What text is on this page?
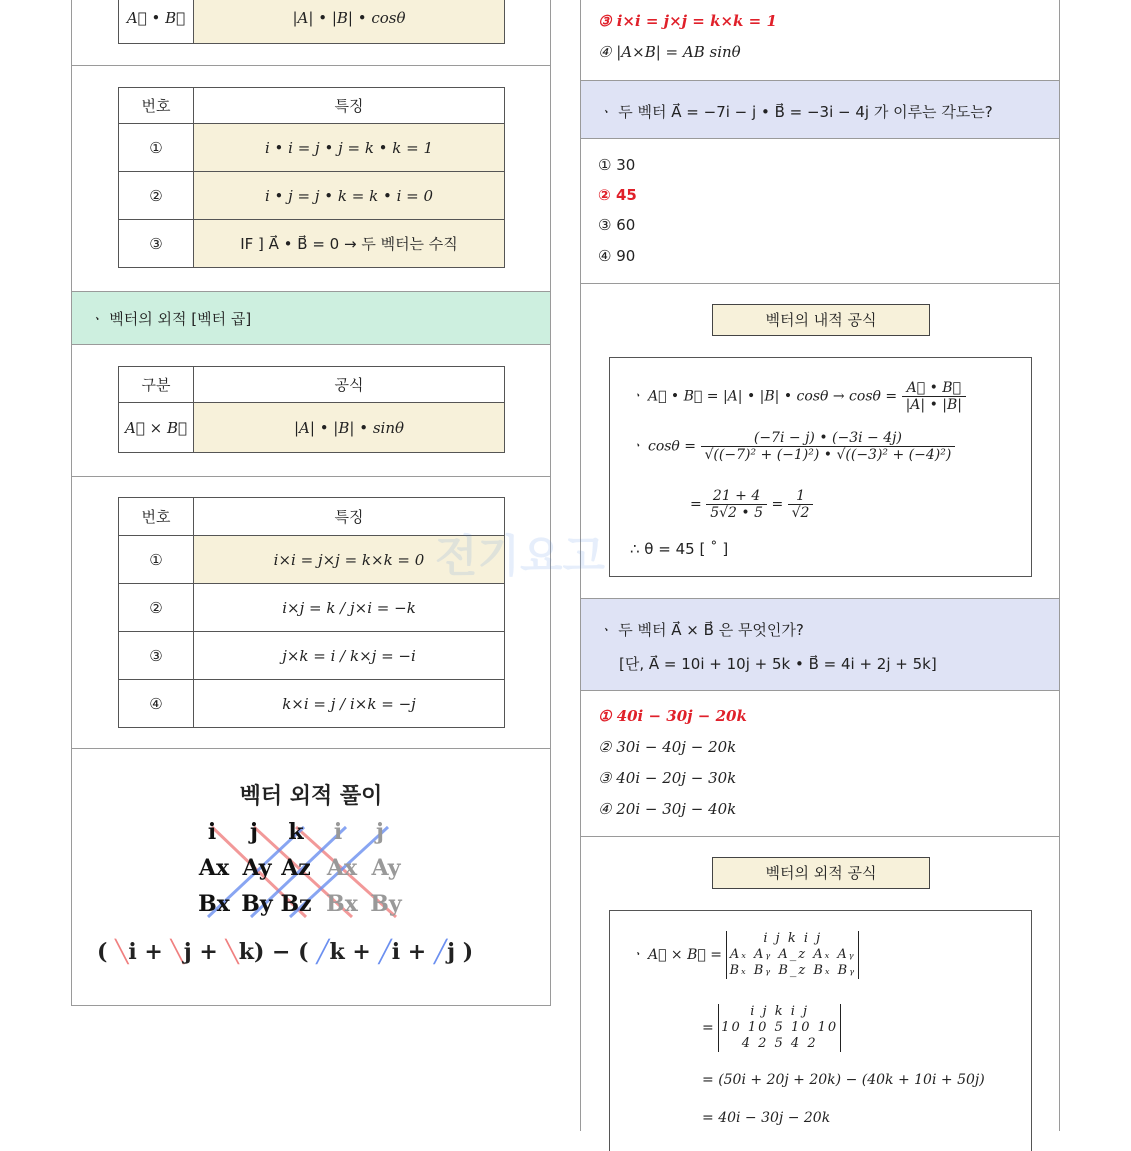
A⃗ • B⃗	|A| • |B| • cosθ
번호	특징
①	i • i = j • j = k • k = 1
②	i • j = j • k = k • i = 0
③	IF ] A⃗ • B⃗ = 0 → 두 벡터는 수직
ㆍ 벡터의 외적 [벡터 곱]
구분	공식
A⃗ × B⃗	|A| • |B| • sinθ
번호	특징
①	i×i = j×j = k×k = 0
②	i×j = k / j×i = −k
③	j×k = i / k×j = −i
④	k×i = j / i×k = −j
벡터 외적 풀이
i j k i j
Ax Ay Az Ax Ay
Bx By Bz Bx By
( ╲i + ╲j + ╲k) − ( ╱k + ╱i + ╱j )
③ i×i = j×j = k×k = 1
④ |A×B| = AB sinθ
ㆍ 두 벡터 A⃗ = −7i − j • B⃗ = −3i − 4j 가 이루는 각도는?
① 30
② 45
③ 60
④ 90
벡터의 내적 공식
ㆍ A⃗ • B⃗ = |A| • |B| • $\cos\theta \to \cos\theta = \frac{A⃗ • B⃗}{|A| • |B|}$
ㆍ $\cos\theta = \frac{(-7i - j) • (-3i - 4j)}{\text{√((−7)² + (−1)²) • √((−3)² + (−4)²)}}$
= $\frac{21 + 4}{5√2 • 5} = \frac{1}{√2}$
∴ θ = 45 [ ˚ ]
ㆍ 두 벡터 A⃗ × B⃗ 은 무엇인가?
[단, A⃗ = 10i + 10j + 5k • B⃗ = 4i + 2j + 5k]
① 40i − 30j − 20k
② 30i − 40j − 20k
③ 40i − 20j − 30k
④ 20i − 30j − 40k
벡터의 외적 공식
ㆍ A⃗ × B⃗ =
i j k i j
Aₓ Aᵧ A_z Aₓ Aᵧ
Bₓ Bᵧ B_z Bₓ Bᵧ
=
i j k i j
10 10 5 10 10
4 2 5 4 2
= (50i + 20j + 20k) − (40k + 10i + 50j)
= 40i − 30j − 20k
전기요고
